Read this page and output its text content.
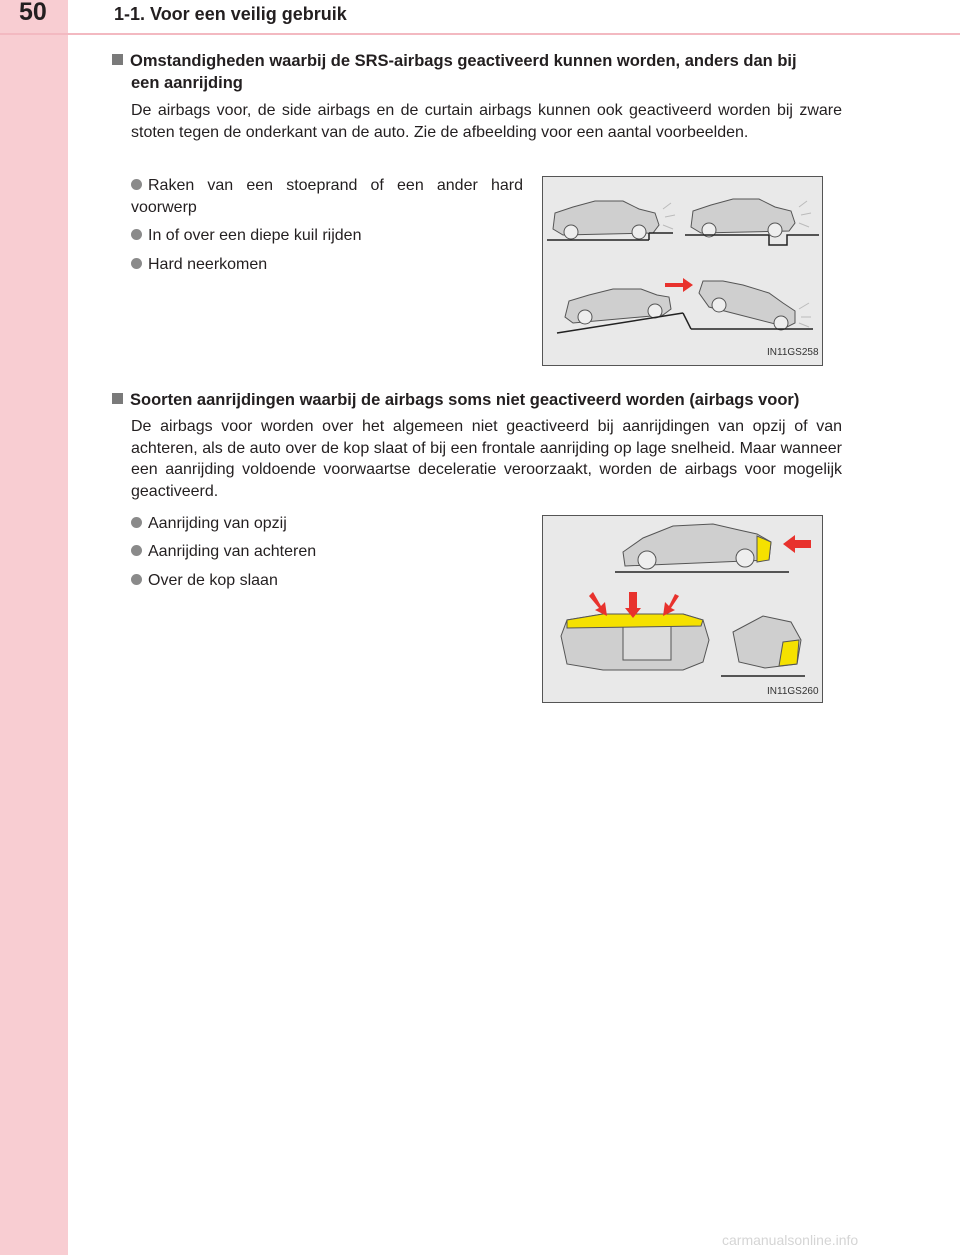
50	1-1. Voor een veilig gebruik
Omstandigheden waarbij de SRS-airbags geactiveerd kunnen worden, anders dan bij
een aanrijding
De airbags voor, de side airbags en de curtain airbags kunnen ook geactiveerd worden bij zware stoten tegen de onderkant van de auto. Zie de afbeelding voor een aantal voorbeelden.
Raken van een stoeprand of een ander hard voorwerp
In of over een diepe kuil rijden
Hard neerkomen
IN11GS258
Soorten aanrijdingen waarbij de airbags soms niet geactiveerd worden (airbags voor)
De airbags voor worden over het algemeen niet geactiveerd bij aanrijdingen van opzij of van achteren, als de auto over de kop slaat of bij een frontale aanrijding op lage snelheid. Maar wanneer een aanrijding voldoende voorwaartse deceleratie veroorzaakt, worden de airbags voor mogelijk geactiveerd.
Aanrijding van opzij
Aanrijding van achteren
Over de kop slaan
IN11GS260
carmanualsonline.info
